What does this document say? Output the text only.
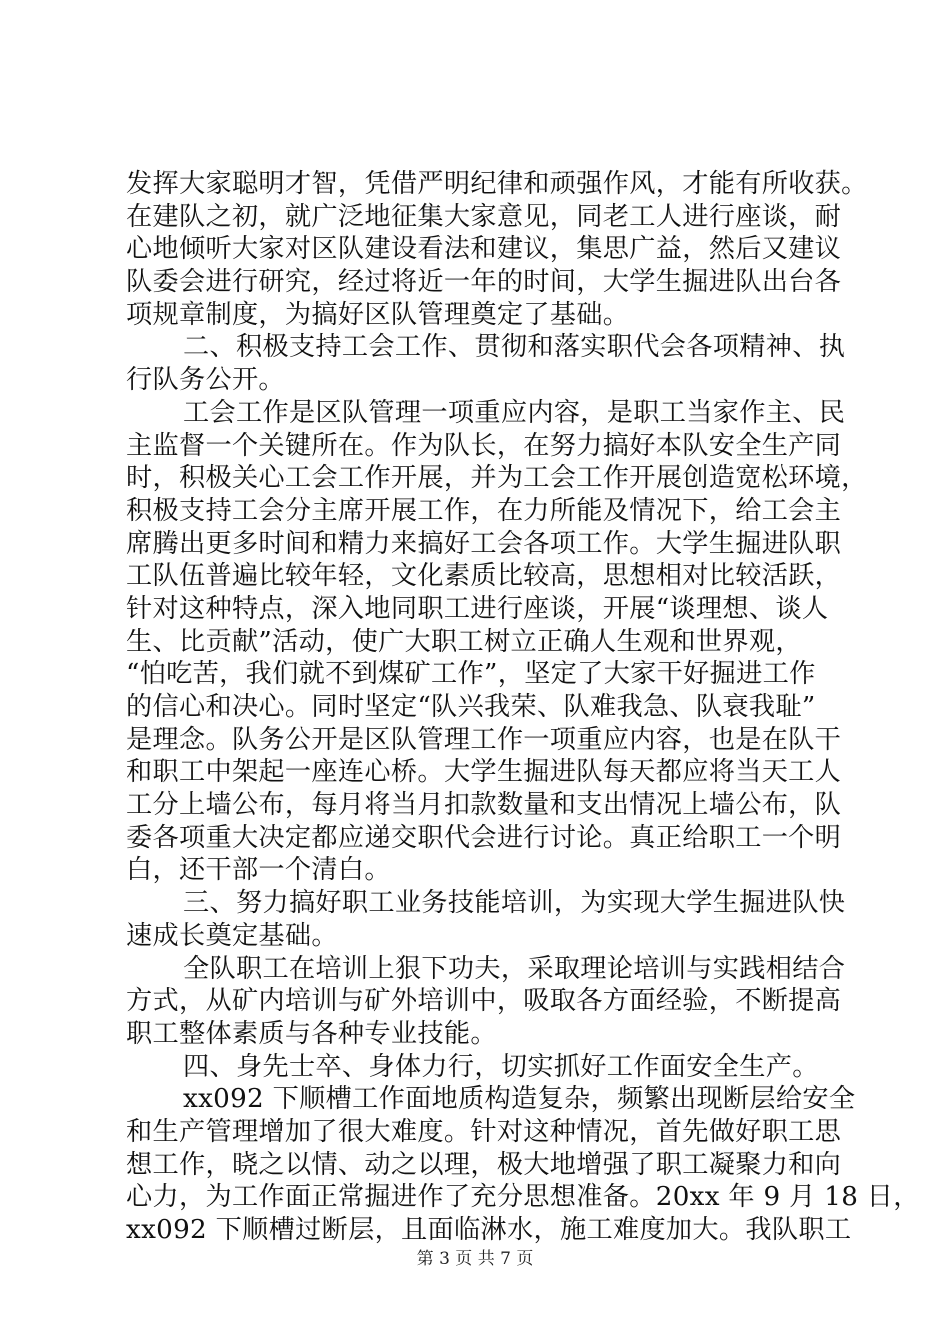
发挥大家聪明才智，凭借严明纪律和顽强作风，才能有所收获。
在建队之初，就广泛地征集大家意见，同老工人进行座谈，耐
心地倾听大家对区队建设看法和建议，集思广益，然后又建议
队委会进行研究，经过将近一年的时间，大学生掘进队出台各
项规章制度，为搞好区队管理奠定了基础。
二、积极支持工会工作、贯彻和落实职代会各项精神、执
行队务公开。
工会工作是区队管理一项重应内容，是职工当家作主、民
主监督一个关键所在。作为队长，在努力搞好本队安全生产同
时，积极关心工会工作开展，并为工会工作开展创造宽松环境，
积极支持工会分主席开展工作，在力所能及情况下，给工会主
席腾出更多时间和精力来搞好工会各项工作。大学生掘进队职
工队伍普遍比较年轻，文化素质比较高，思想相对比较活跃，
针对这种特点，深入地同职工进行座谈，开展“谈理想、谈人
生、比贡献”活动，使广大职工树立正确人生观和世界观，
“怕吃苦，我们就不到煤矿工作”，坚定了大家干好掘进工作
的信心和决心。同时坚定“队兴我荣、队难我急、队衰我耻”
是理念。队务公开是区队管理工作一项重应内容，也是在队干
和职工中架起一座连心桥。大学生掘进队每天都应将当天工人
工分上墙公布，每月将当月扣款数量和支出情况上墙公布，队
委各项重大决定都应递交职代会进行讨论。真正给职工一个明
白，还干部一个清白。
三、努力搞好职工业务技能培训，为实现大学生掘进队快
速成长奠定基础。
全队职工在培训上狠下功夫，采取理论培训与实践相结合
方式，从矿内培训与矿外培训中，吸取各方面经验，不断提高
职工整体素质与各种专业技能。
四、身先士卒、身体力行，切实抓好工作面安全生产。
xx092 下顺槽工作面地质构造复杂，频繁出现断层给安全
和生产管理增加了很大难度。针对这种情况，首先做好职工思
想工作，晓之以情、动之以理，极大地增强了职工凝聚力和向
心力，为工作面正常掘进作了充分思想准备。20xx 年 9 月 18 日，
xx092 下顺槽过断层，且面临淋水，施工难度加大。我队职工
第 3 页 共 7 页
